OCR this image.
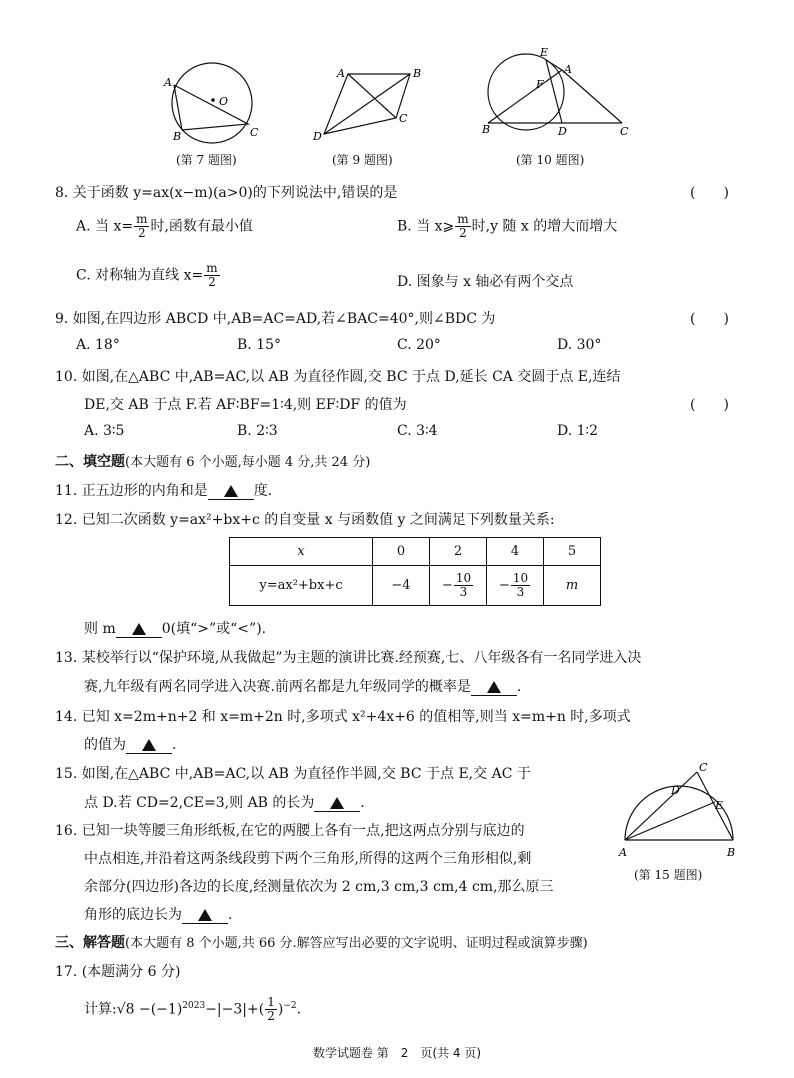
A
O
B	C
(第 7 题图)
A	B
C
D
(第 9 题图)
E
A
F
B	D	C
(第 10 题图)
8. 关于函数 y=ax(x−m)(a>0)的下列说法中,错误的是	(　　)
A. 当 $x= \frac{m}{2}$ 时,函数有最小值	B. 当 x⩾ $\frac{m}{2}$ 时,y 随 x 的增大而增大
C. 对称轴为直线 $x= \frac{m}{2}$	D. 图象与 x 轴必有两个交点
9. 如图,在四边形 ABCD 中,AB=AC=AD,若∠BAC=40°,则∠BDC 为	(　　)
A. 18°	B. 15°	C. 20°	D. 30°
10. 如图,在△ABC 中,AB=AC,以 AB 为直径作圆,交 BC 于点 D,延长 CA 交圆于点 E,连结
DE,交 AB 于点 F.若 AF∶BF=1∶4,则 EF∶DF 的值为	(　　)
A. 3∶5	B. 2∶3	C. 3∶4	D. 1∶2
二、填空题(本大题有 6 个小题,每小题 4 分,共 24 分)
11. 正五边形的内角和是	度.
12. 已知二次函数 y=ax²+bx+c 的自变量 x 与函数值 y 之间满足下列数量关系:
x	0	2	4	5
y=ax²+bx+c	−4	− $\frac{10}{3}$	− $\frac{10}{3}$	m
则 m	0(填“>”或“<”).
13. 某校举行以“保护环境,从我做起”为主题的演讲比赛.经预赛,七、八年级各有一名同学进入决
赛,九年级有两名同学进入决赛.前两名都是九年级同学的概率是	.
14. 已知 x=2m+n+2 和 x=m+2n 时,多项式 x²+4x+6 的值相等,则当 x=m+n 时,多项式
的值为	.
15. 如图,在△ABC 中,AB=AC,以 AB 为直径作半圆,交 BC 于点 E,交 AC 于
点 D.若 CD=2,CE=3,则 AB 的长为	.
C
D
E
A	B
(第 15 题图)
16. 已知一块等腰三角形纸板,在它的两腰上各有一点,把这两点分别与底边的
中点相连,并沿着这两条线段剪下两个三角形,所得的这两个三角形相似,剩
余部分(四边形)各边的长度,经测量依次为 2 cm,3 cm,3 cm,4 cm,那么原三
角形的底边长为	.
三、解答题(本大题有 8 个小题,共 66 分.解答应写出必要的文字说明、证明过程或演算步骤)
17. (本题满分 6 分)
计算:√8 $-(-1)^{2023}-|-3|+( \frac{1}{2} )^{-2}$.
数学试题卷 第　2　页(共 4 页)
